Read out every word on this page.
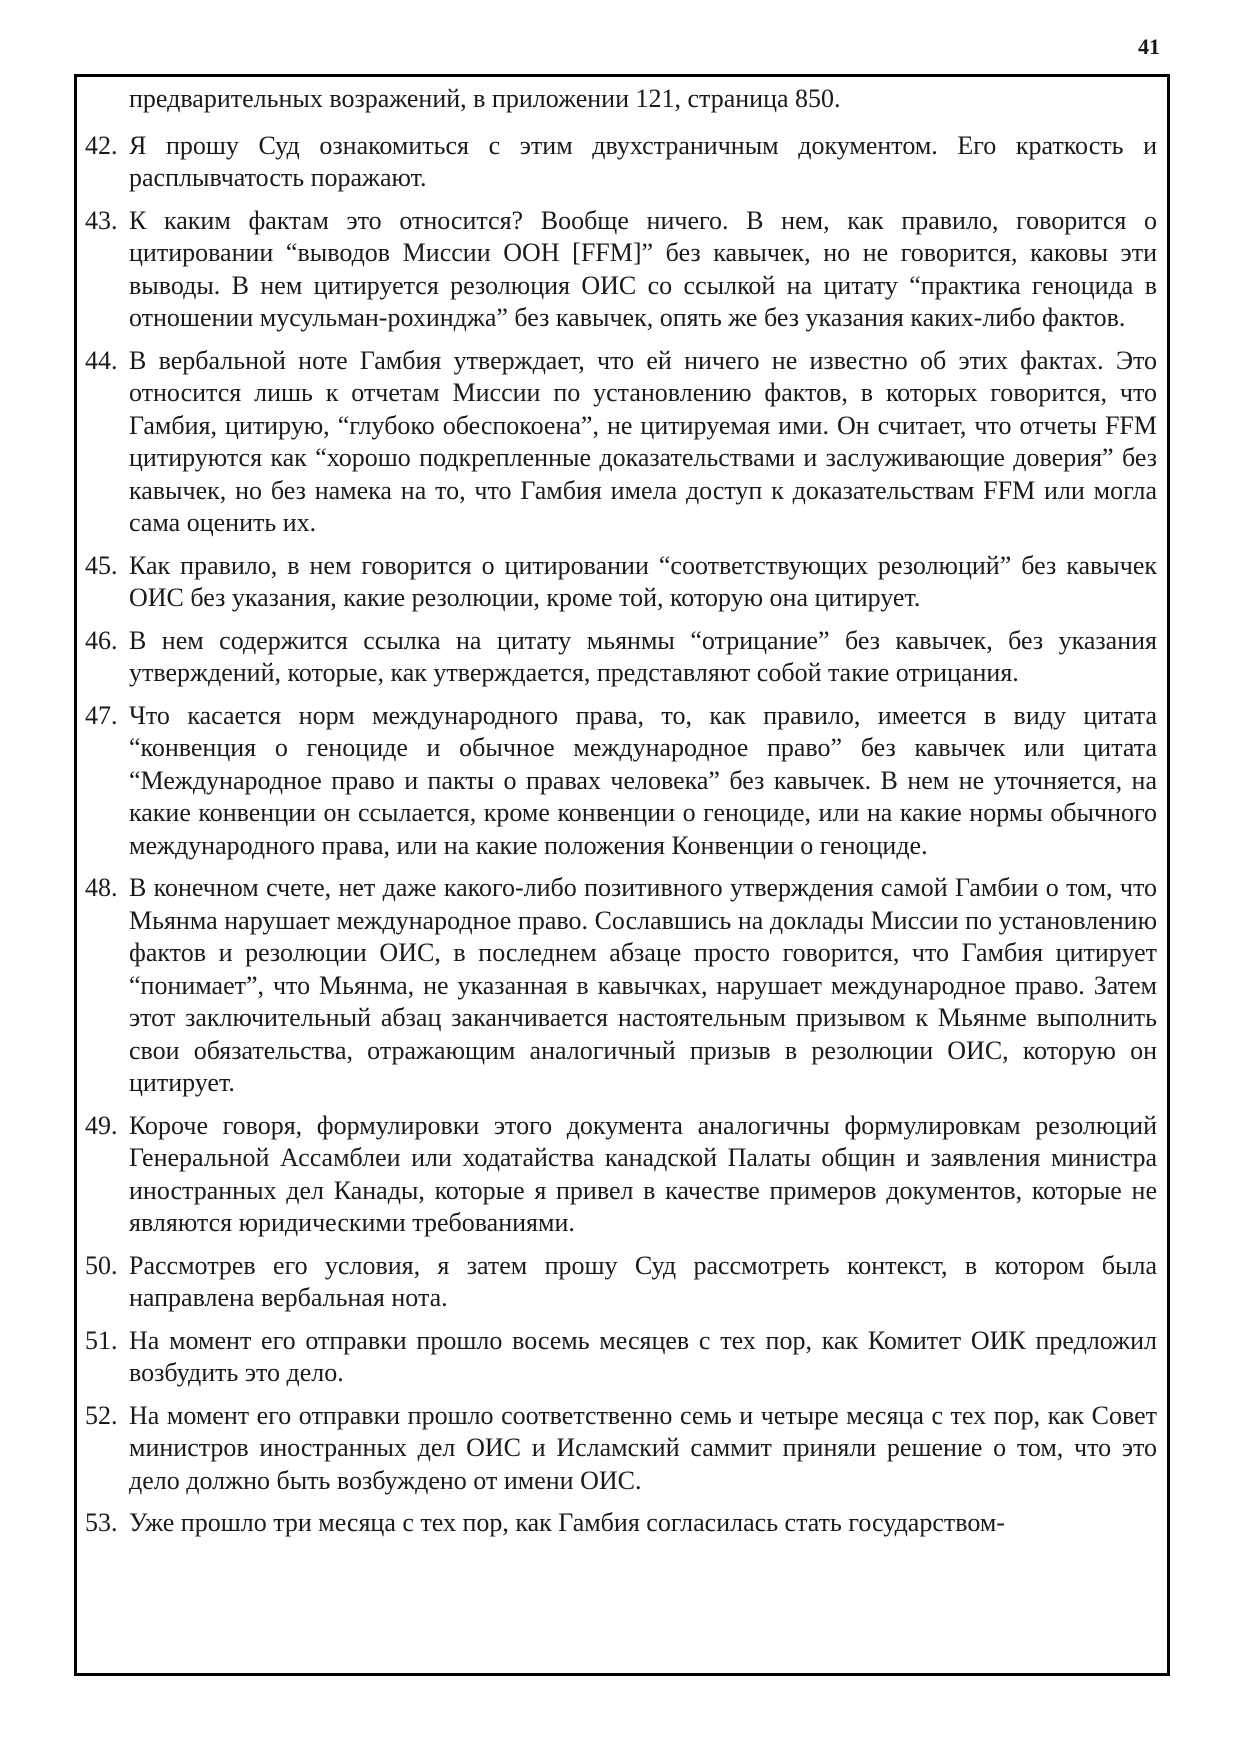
41
предварительных возражений, в приложении 121, страница 850.
42. Я прошу Суд ознакомиться с этим двухстраничным документом. Его краткость и расплывчатость поражают.
43. К каким фактам это относится? Вообще ничего. В нем, как правило, говорится о цитировании “выводов Миссии ООН [FFM]” без кавычек, но не говорится, каковы эти выводы. В нем цитируется резолюция ОИС со ссылкой на цитату “практика геноцида в отношении мусульман-рохинджа” без кавычек, опять же без указания каких-либо фактов.
44. В вербальной ноте Гамбия утверждает, что ей ничего не известно об этих фактах. Это относится лишь к отчетам Миссии по установлению фактов, в которых говорится, что Гамбия, цитирую, “глубоко обеспокоена”, не цитируемая ими. Он считает, что отчеты FFM цитируются как “хорошо подкрепленные доказательствами и заслуживающие доверия” без кавычек, но без намека на то, что Гамбия имела доступ к доказательствам FFM или могла сама оценить их.
45. Как правило, в нем говорится о цитировании “соответствующих резолюций” без кавычек ОИС без указания, какие резолюции, кроме той, которую она цитирует.
46. В нем содержится ссылка на цитату мьянмы “отрицание” без кавычек, без указания утверждений, которые, как утверждается, представляют собой такие отрицания.
47. Что касается норм международного права, то, как правило, имеется в виду цитата “конвенция о геноциде и обычное международное право” без кавычек или цитата “Международное право и пакты о правах человека” без кавычек. В нем не уточняется, на какие конвенции он ссылается, кроме конвенции о геноциде, или на какие нормы обычного международного права, или на какие положения Конвенции о геноциде.
48. В конечном счете, нет даже какого-либо позитивного утверждения самой Гамбии о том, что Мьянма нарушает международное право. Сославшись на доклады Миссии по установлению фактов и резолюции ОИС, в последнем абзаце просто говорится, что Гамбия цитирует “понимает”, что Мьянма, не указанная в кавычках, нарушает международное право. Затем этот заключительный абзац заканчивается настоятельным призывом к Мьянме выполнить свои обязательства, отражающим аналогичный призыв в резолюции ОИС, которую он цитирует.
49. Короче говоря, формулировки этого документа аналогичны формулировкам резолюций Генеральной Ассамблеи или ходатайства канадской Палаты общин и заявления министра иностранных дел Канады, которые я привел в качестве примеров документов, которые не являются юридическими требованиями.
50. Рассмотрев его условия, я затем прошу Суд рассмотреть контекст, в котором была направлена вербальная нота.
51. На момент его отправки прошло восемь месяцев с тех пор, как Комитет ОИК предложил возбудить это дело.
52. На момент его отправки прошло соответственно семь и четыре месяца с тех пор, как Совет министров иностранных дел ОИС и Исламский саммит приняли решение о том, что это дело должно быть возбуждено от имени ОИС.
53. Уже прошло три месяца с тех пор, как Гамбия согласилась стать государством-
